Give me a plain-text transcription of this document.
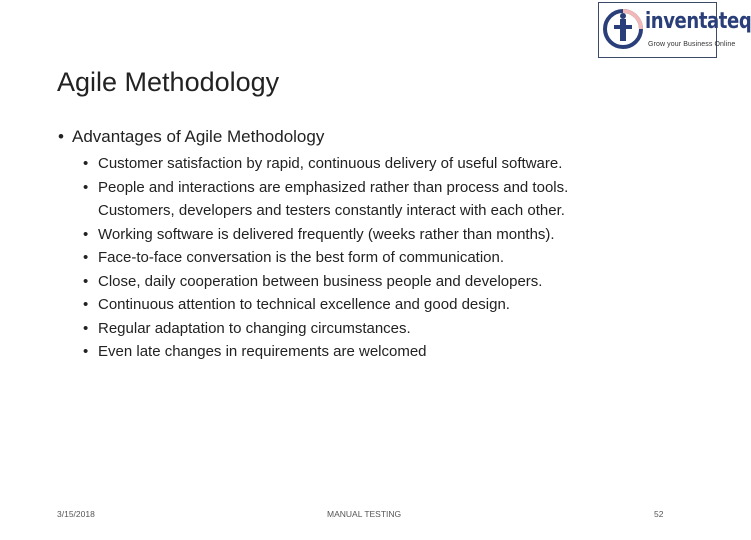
inventateq
Grow your Business Online
Agile Methodology
• Advantages of Agile Methodology
• Customer satisfaction by rapid, continuous delivery of useful software.
• People and interactions are emphasized rather than process and tools.
Customers, developers and testers constantly interact with each other.
• Working software is delivered frequently (weeks rather than months).
• Face-to-face conversation is the best form of communication.
• Close, daily cooperation between business people and developers.
• Continuous attention to technical excellence and good design.
• Regular adaptation to changing circumstances.
• Even late changes in requirements are welcomed
3/15/2018	MANUAL TESTING	52
